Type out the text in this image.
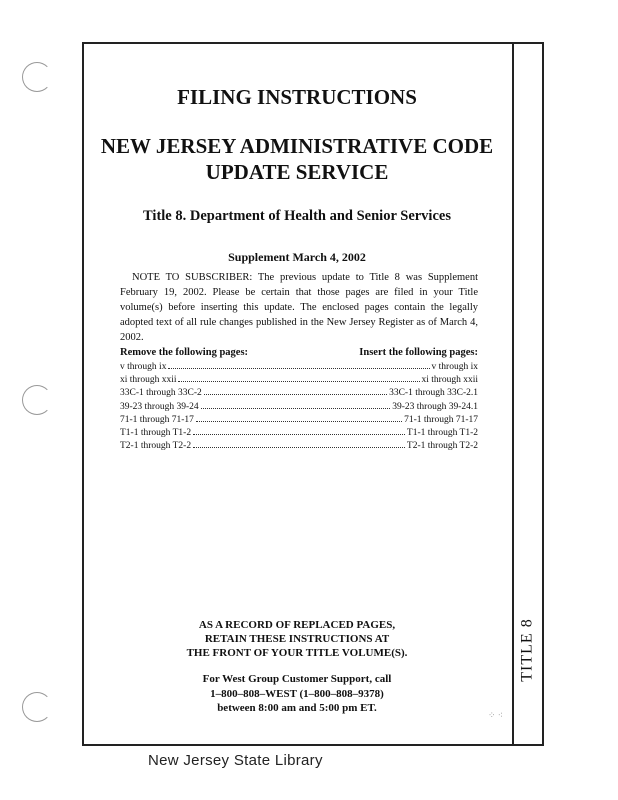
TITLE 8
FILING INSTRUCTIONS
NEW JERSEY ADMINISTRATIVE CODE
UPDATE SERVICE
Title 8. Department of Health and Senior Services
Supplement March 4, 2002
NOTE TO SUBSCRIBER: The previous update to Title 8 was Supplement February 19, 2002. Please be certain that those pages are filed in your Title volume(s) before inserting this update. The enclosed pages contain the legally adopted text of all rule changes published in the New Jersey Register as of March 4, 2002.
Remove the following pages:	Insert the following pages:
v through ix	v through ix
xi through xxii	xi through xxii
33C-1 through 33C-2	33C-1 through 33C-2.1
39-23 through 39-24	39-23 through 39-24.1
71-1 through 71-17	71-1 through 71-17
T1-1 through T1-2	T1-1 through T1-2
T2-1 through T2-2	T2-1 through T2-2
AS A RECORD OF REPLACED PAGES,
RETAIN THESE INSTRUCTIONS AT
THE FRONT OF YOUR TITLE VOLUME(S).
For West Group Customer Support, call
1–800–808–WEST (1–800–808–9378)
between 8:00 am and 5:00 pm ET.
New Jersey State Library
⁘ ⁖
